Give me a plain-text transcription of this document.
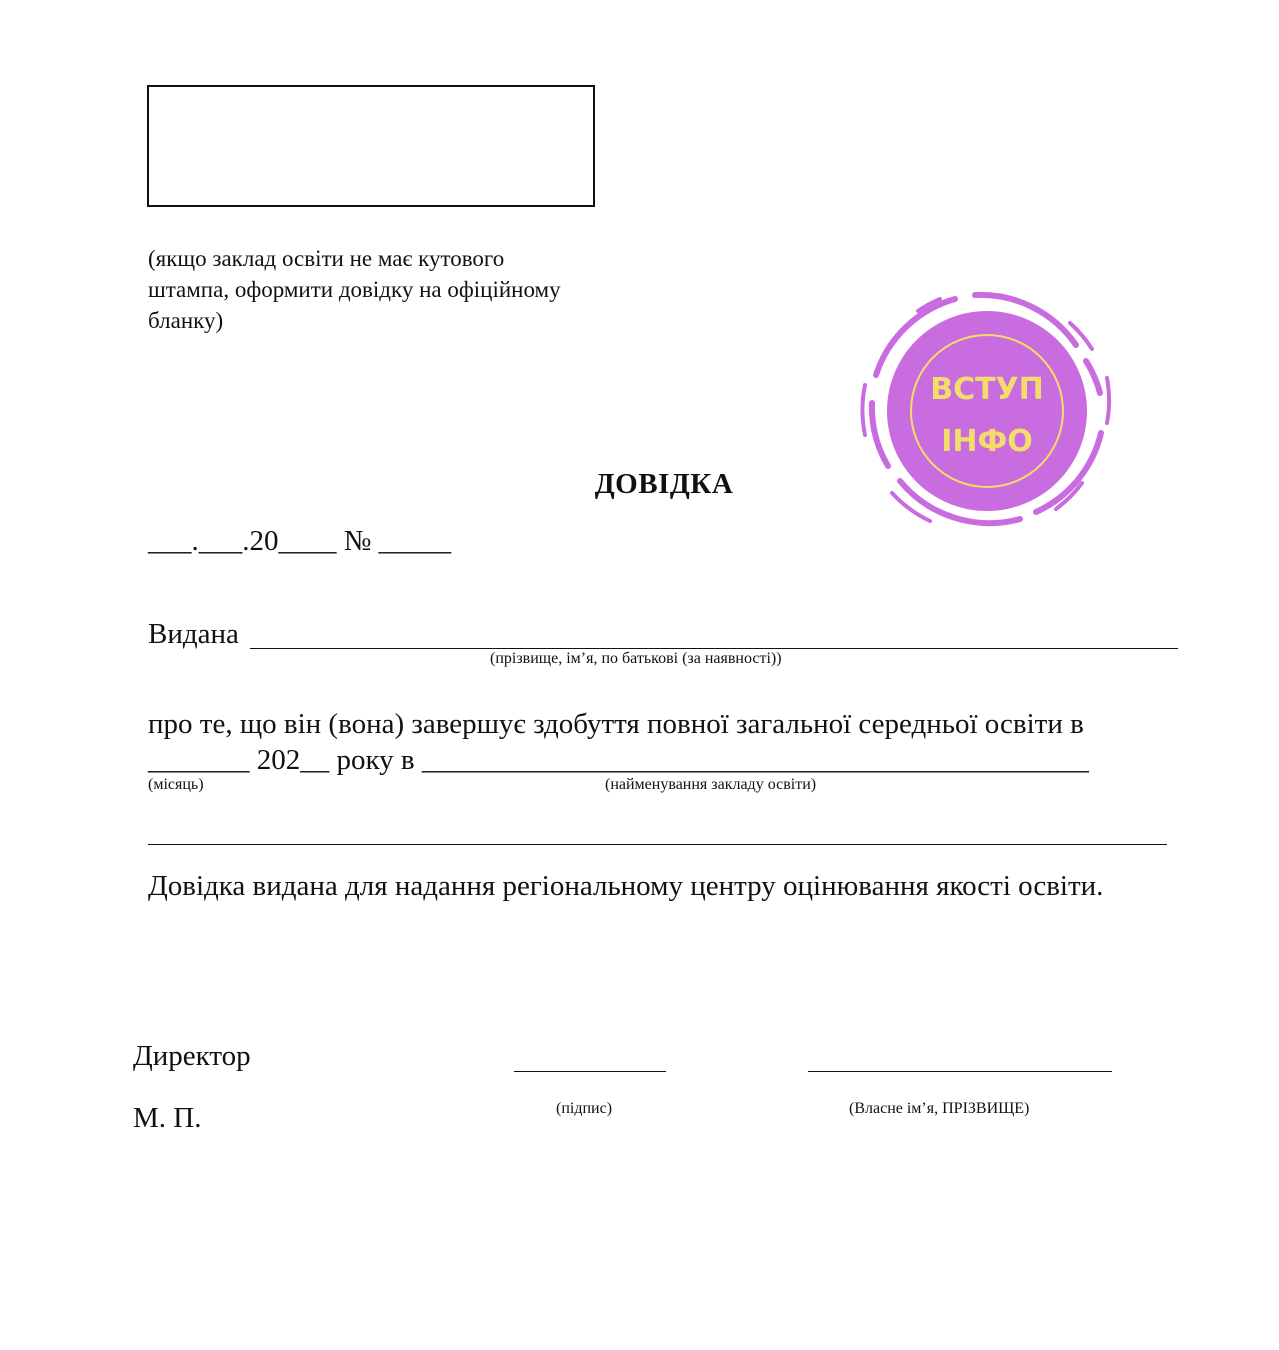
(якщо заклад освіти не має кутового
штампа, оформити довідку на офіційному
бланку)
ВСТУП
ІНФО
ДОВІДКА
___.___.20____ № _____
Видана
(прізвище, ім’я, по батькові (за наявності))
про те, що він (вона) завершує здобуття повної загальної середньої освіти в
_______ 202__ року в ______________________________________________
(місяць)	(найменування закладу освіти)
Довідка видана для надання регіональному центру оцінювання якості освіти.
Директор
М. П.	(підпис)	(Власне ім’я, ПРІЗВИЩЕ)
